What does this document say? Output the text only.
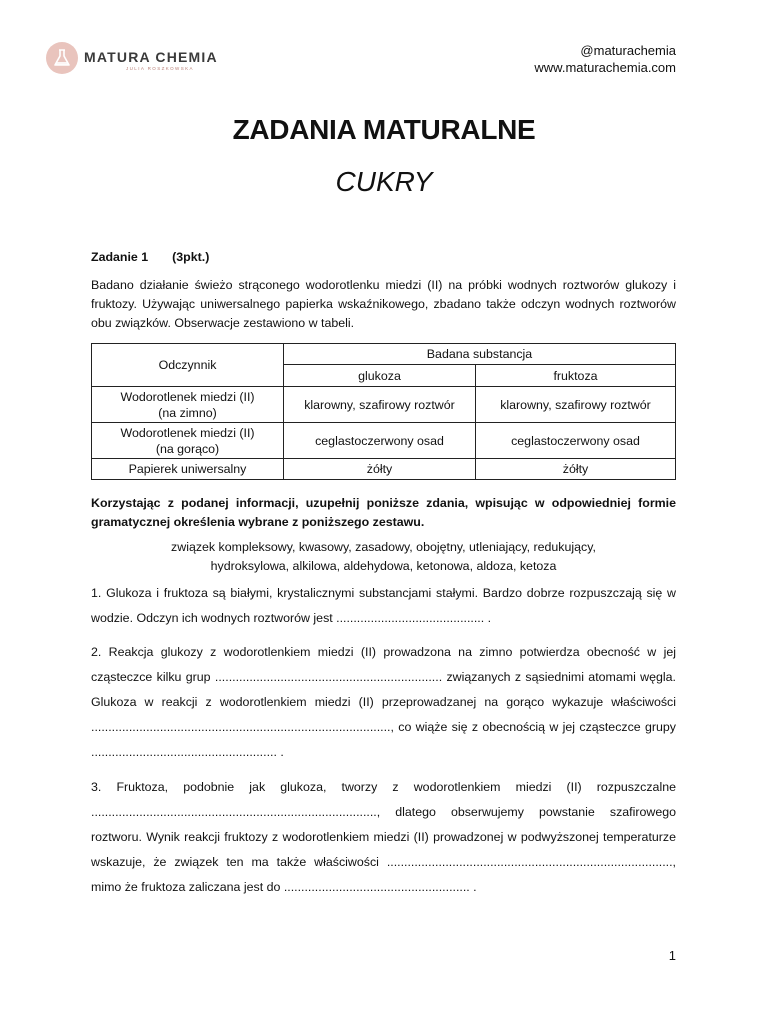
MATURA CHEMIA
JULIA ROSZKOWSKA
@maturachemia
www.maturachemia.com
ZADANIA MATURALNE
CUKRY

Zadanie 1 (3pkt.)

Badano działanie świeżo strąconego wodorotlenku miedzi (II) na próbki wodnych roztworów glukozy i fruktozy. Używając uniwersalnego papierka wskaźnikowego, zbadano także odczyn wodnych roztworów obu związków. Obserwacje zestawiono w tabeli.

Odczynnik	Badana substancja	
	glukoza	fruktoza
Wodorotlenek miedzi (II)
(na zimno)	klarowny, szafirowy roztwór	klarowny, szafirowy roztwór
Wodorotlenek miedzi (II)
(na gorąco)	ceglastoczerwony osad	ceglastoczerwony osad
Papierek uniwersalny	żółty	żółty

Korzystając z podanej informacji, uzupełnij poniższe zdania, wpisując w odpowiedniej formie gramatycznej określenia wybrane z poniższego zestawu.

związek kompleksowy, kwasowy, zasadowy, obojętny, utleniający, redukujący,
hydroksylowa, alkilowa, aldehydowa, ketonowa, aldoza, ketoza

1. Glukoza i fruktoza są białymi, krystalicznymi substancjami stałymi. Bardzo dobrze rozpuszczają się w wodzie. Odczyn ich wodnych roztworów jest ........................................... .

2. Reakcja glukozy z wodorotlenkiem miedzi (II) prowadzona na zimno potwierdza obecność w jej cząsteczce kilku grup .................................................................. związanych z sąsiednimi atomami węgla. Glukoza w reakcji z wodorotlenkiem miedzi (II) przeprowadzanej na gorąco wykazuje właściwości ......................................................................................., co wiąże się z obecnością w jej cząsteczce grupy ...................................................... .

3. Fruktoza, podobnie jak glukoza, tworzy z wodorotlenkiem miedzi (II) rozpuszczalne ..................................................................................., dlatego obserwujemy powstanie szafirowego roztworu. Wynik reakcji fruktozy z wodorotlenkiem miedzi (II) prowadzonej w podwyższonej temperaturze wskazuje, że związek ten ma także właściwości ..................................................................................., mimo że fruktoza zaliczana jest do ...................................................... .

1
